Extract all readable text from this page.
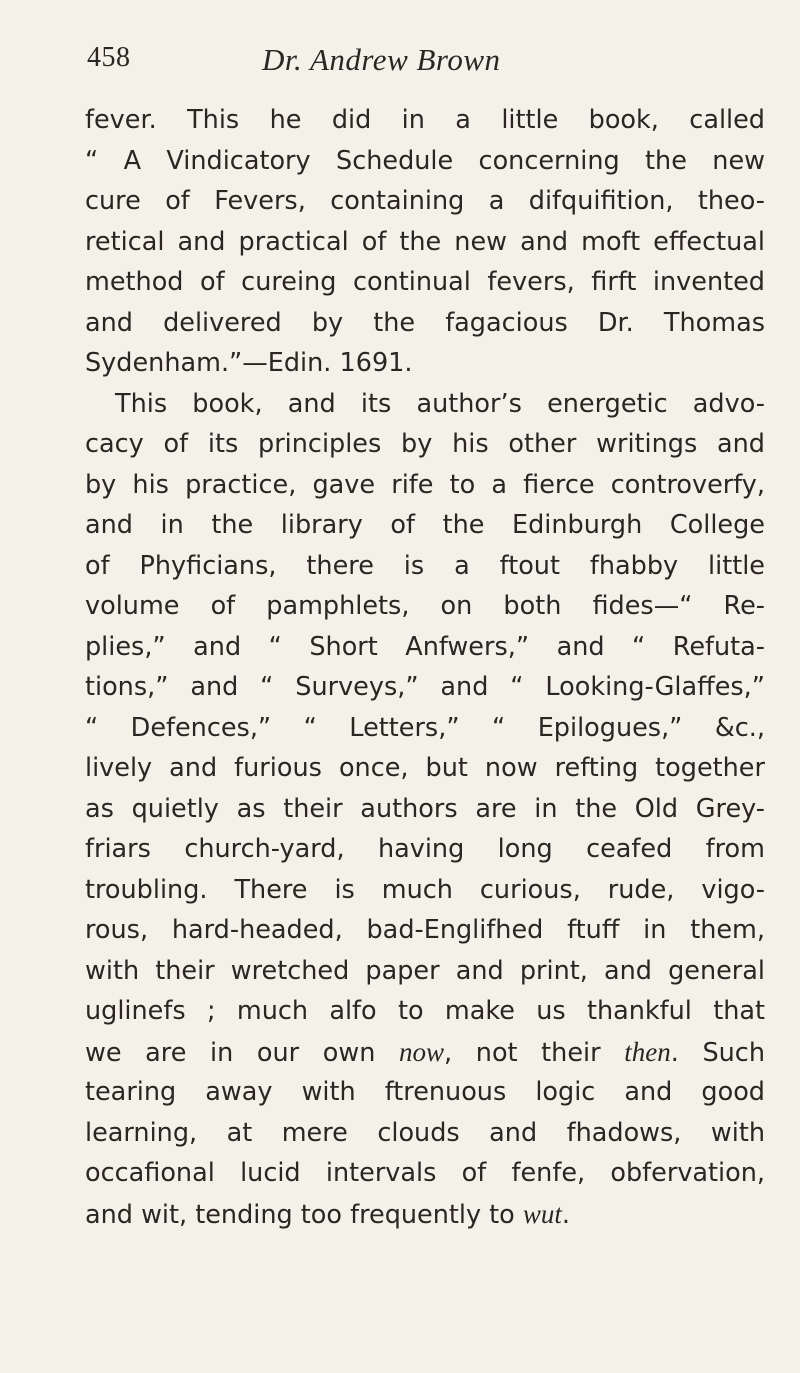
458	Dr. Andrew Brown
fever. This he did in a little book, called
“ A Vindicatory Schedule concerning the new
cure of Fevers, containing a difquifition, theo-
retical and practical of the new and moft effectual
method of cureing continual fevers, firft invented
and delivered by the fagacious Dr. Thomas
Sydenham.”—Edin. 1691.
This book, and its author’s energetic advo-
cacy of its principles by his other writings and
by his practice, gave rife to a fierce controverfy,
and in the library of the Edinburgh College
of Phyficians, there is a ftout fhabby little
volume of pamphlets, on both fides—“ Re-
plies,” and “ Short Anfwers,” and “ Refuta-
tions,” and “ Surveys,” and “ Looking-Glaffes,”
“ Defences,” “ Letters,” “ Epilogues,” &c.,
lively and furious once, but now refting together
as quietly as their authors are in the Old Grey-
friars church-yard, having long ceafed from
troubling. There is much curious, rude, vigo-
rous, hard-headed, bad-Englifhed ftuff in them,
with their wretched paper and print, and general
uglinefs ; much alfo to make us thankful that
we are in our own now, not their then. Such
tearing away with ftrenuous logic and good
learning, at mere clouds and fhadows, with
occafional lucid intervals of fenfe, obfervation,
and wit, tending too frequently to wut.
